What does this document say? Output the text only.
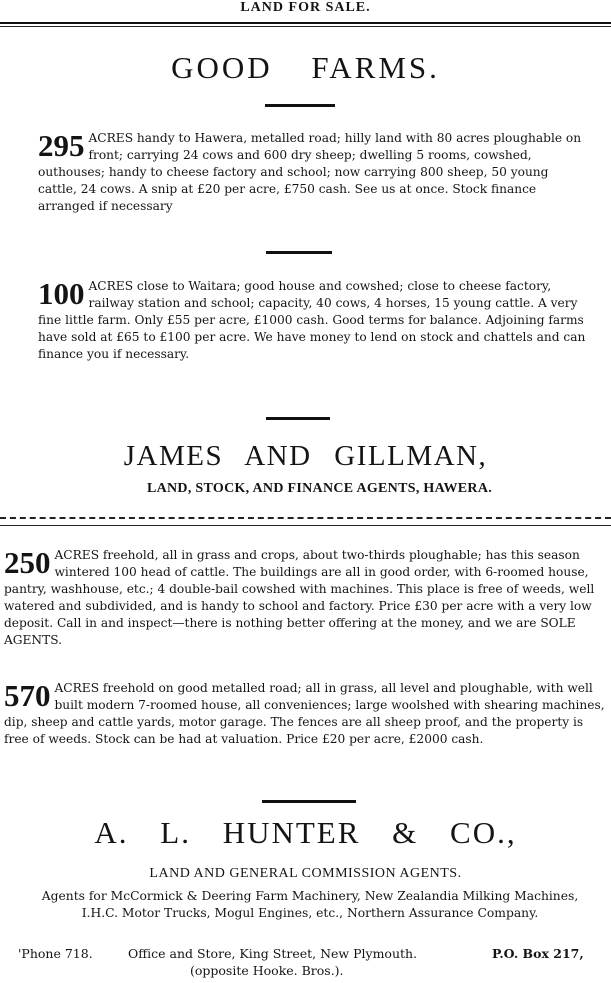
LAND FOR SALE.
GOOD FARMS.
295 ACRES handy to Hawera, metalled road; hilly land with 80 acres ploughable on front; carrying 24 cows and 600 dry sheep; dwelling 5 rooms, cowshed, outhouses; handy to cheese factory and school; now carrying 800 sheep, 50 young cattle, 24 cows. A snip at £20 per acre, £750 cash. See us at once. Stock finance arranged if necessary
100 ACRES close to Waitara; good house and cowshed; close to cheese factory, railway station and school; capacity, 40 cows, 4 horses, 15 young cattle. A very fine little farm. Only £55 per acre, £1000 cash. Good terms for balance. Adjoining farms have sold at £65 to £100 per acre. We have money to lend on stock and chattels and can finance you if necessary.
JAMES AND GILLMAN,
LAND, STOCK, AND FINANCE AGENTS, HAWERA.
250 ACRES freehold, all in grass and crops, about two-thirds ploughable; has this season wintered 100 head of cattle. The buildings are all in good order, with 6-roomed house, pantry, washhouse, etc.; 4 double-bail cowshed with machines. This place is free of weeds, well watered and subdivided, and is handy to school and factory. Price £30 per acre with a very low deposit. Call in and inspect—there is nothing better offering at the money, and we are SOLE AGENTS.
570 ACRES freehold on good metalled road; all in grass, all level and ploughable, with well built modern 7-roomed house, all conveniences; large woolshed with shearing machines, dip, sheep and cattle yards, motor garage. The fences are all sheep proof, and the property is free of weeds. Stock can be had at valuation. Price £20 per acre, £2000 cash.
A. L. HUNTER & CO.,
LAND AND GENERAL COMMISSION AGENTS.
Agents for McCormick & Deering Farm Machinery, New Zealandia Milking Machines, I.H.C. Motor Trucks, Mogul Engines, etc., Northern Assurance Company.
'Phone 718.	Office and Store, King Street, New Plymouth.	P.O. Box 217,
(opposite Hooke. Bros.).
